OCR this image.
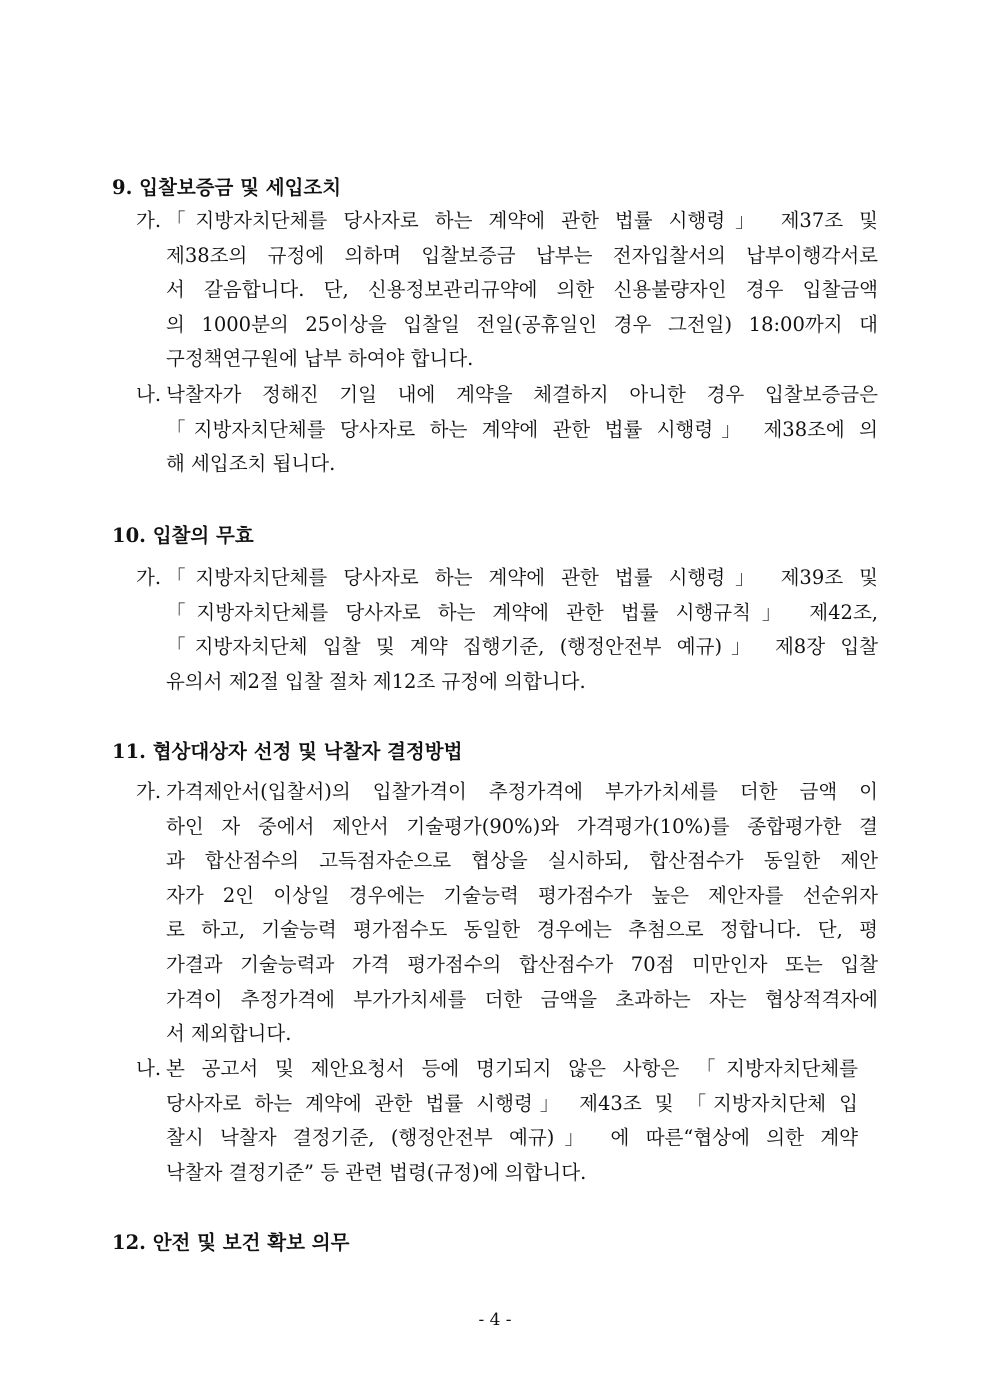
9. 입찰보증금 및 세입조치
가. 「지방자치단체를 당사자로 하는 계약에 관한 법률 시행령」 제37조 및
제38조의 규정에 의하며 입찰보증금 납부는 전자입찰서의 납부이행각서로
서 갈음합니다. 단, 신용정보관리규약에 의한 신용불량자인 경우 입찰금액
의 1000분의 25이상을 입찰일 전일(공휴일인 경우 그전일) 18:00까지 대
구정책연구원에 납부 하여야 합니다.
나. 낙찰자가 정해진 기일 내에 계약을 체결하지 아니한 경우 입찰보증금은
「지방자치단체를 당사자로 하는 계약에 관한 법률 시행령」 제38조에 의
해 세입조치 됩니다.
10. 입찰의 무효
가. 「지방자치단체를 당사자로 하는 계약에 관한 법률 시행령」 제39조 및
「지방자치단체를 당사자로 하는 계약에 관한 법률 시행규칙」 제42조,
「지방자치단체 입찰 및 계약 집행기준, (행정안전부 예규)」 제8장 입찰
유의서 제2절 입찰 절차 제12조 규정에 의합니다.
11. 협상대상자 선정 및 낙찰자 결정방법
가. 가격제안서(입찰서)의 입찰가격이 추정가격에 부가가치세를 더한 금액 이
하인 자 중에서 제안서 기술평가(90%)와 가격평가(10%)를 종합평가한 결
과 합산점수의 고득점자순으로 협상을 실시하되, 합산점수가 동일한 제안
자가 2인 이상일 경우에는 기술능력 평가점수가 높은 제안자를 선순위자
로 하고, 기술능력 평가점수도 동일한 경우에는 추첨으로 정합니다. 단, 평
가결과 기술능력과 가격 평가점수의 합산점수가 70점 미만인자 또는 입찰
가격이 추정가격에 부가가치세를 더한 금액을 초과하는 자는 협상적격자에
서 제외합니다.
나. 본 공고서 및 제안요청서 등에 명기되지 않은 사항은 「지방자치단체를
당사자로 하는 계약에 관한 법률 시행령」 제43조 및 「지방자치단체 입
찰시 낙찰자 결정기준, (행정안전부 예규)」 에 따른“협상에 의한 계약
낙찰자 결정기준” 등 관련 법령(규정)에 의합니다.
12. 안전 및 보건 확보 의무
- 4 -
